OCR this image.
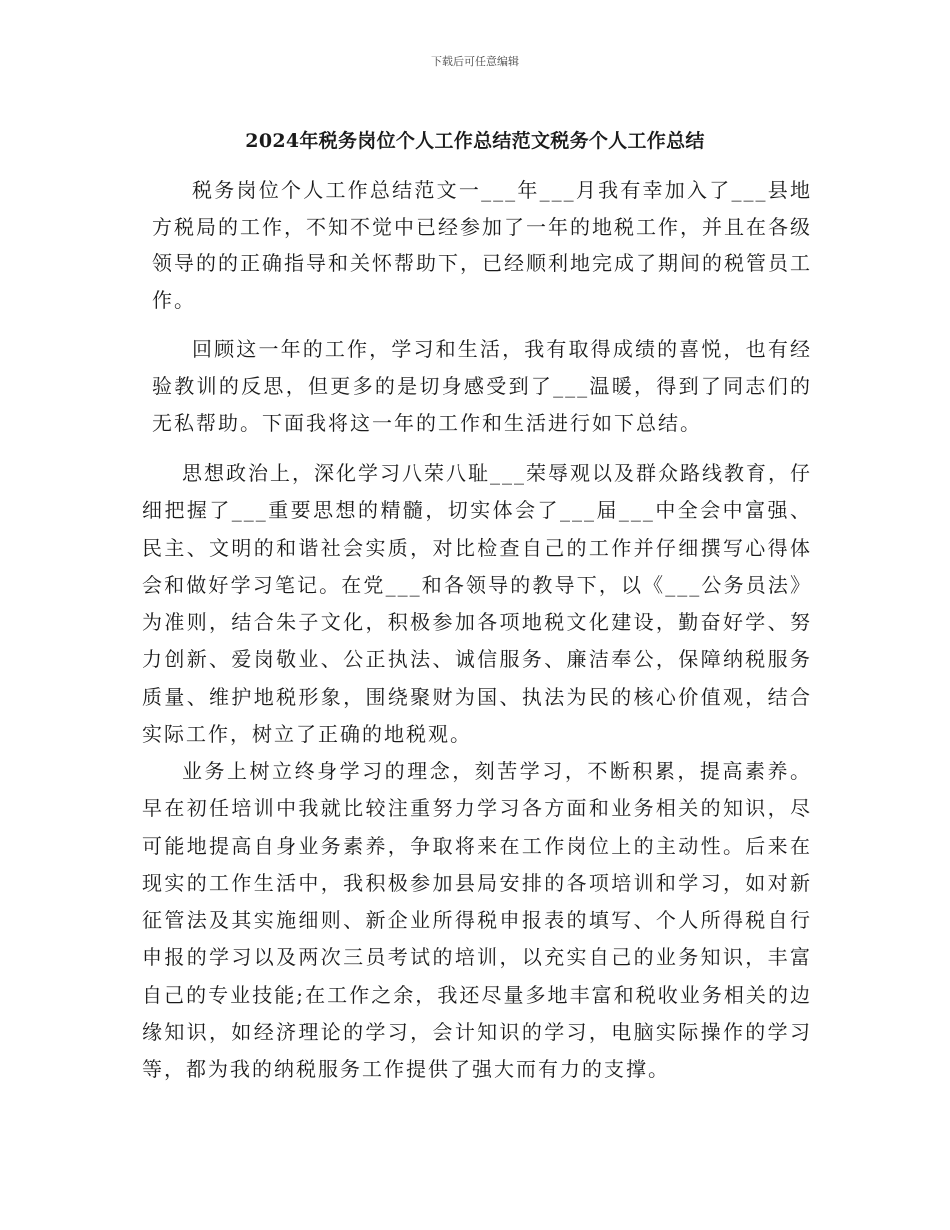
下载后可任意编辑
2024年税务岗位个人工作总结范文税务个人工作总结

税务岗位个人工作总结范文一___年___月我有幸加入了___县地方税局的工作，不知不觉中已经参加了一年的地税工作，并且在各级领导的的正确指导和关怀帮助下，已经顺利地完成了期间的税管员工作。

回顾这一年的工作，学习和生活，我有取得成绩的喜悦，也有经验教训的反思，但更多的是切身感受到了___温暖，得到了同志们的无私帮助。下面我将这一年的工作和生活进行如下总结。

思想政治上，深化学习八荣八耻___荣辱观以及群众路线教育，仔细把握了___重要思想的精髓，切实体会了___届___中全会中富强、民主、文明的和谐社会实质，对比检查自己的工作并仔细撰写心得体会和做好学习笔记。在党___和各领导的教导下，以《___公务员法》为准则，结合朱子文化，积极参加各项地税文化建设，勤奋好学、努力创新、爱岗敬业、公正执法、诚信服务、廉洁奉公，保障纳税服务质量、维护地税形象，围绕聚财为国、执法为民的核心价值观，结合实际工作，树立了正确的地税观。

业务上树立终身学习的理念，刻苦学习，不断积累，提高素养。早在初任培训中我就比较注重努力学习各方面和业务相关的知识，尽可能地提高自身业务素养，争取将来在工作岗位上的主动性。后来在现实的工作生活中，我积极参加县局安排的各项培训和学习，如对新征管法及其实施细则、新企业所得税申报表的填写、个人所得税自行申报的学习以及两次三员考试的培训，以充实自己的业务知识，丰富自己的专业技能;在工作之余，我还尽量多地丰富和税收业务相关的边缘知识，如经济理论的学习，会计知识的学习，电脑实际操作的学习等，都为我的纳税服务工作提供了强大而有力的支撑。
